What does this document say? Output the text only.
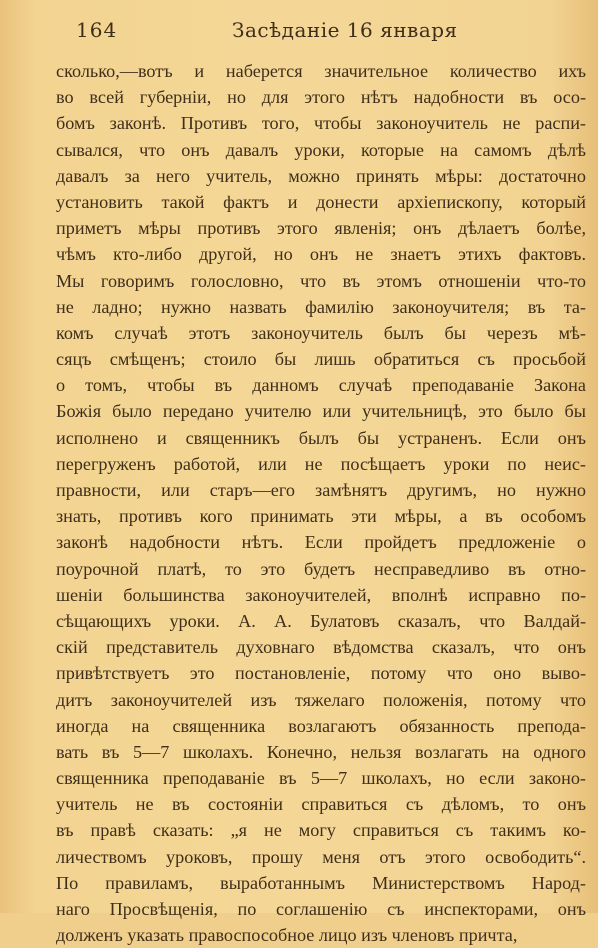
164	Засѣданіе 16 января
сколько,—вотъ и наберется значительное количество ихъ
во всей губерніи, но для этого нѣтъ надобности въ осо-
бомъ законѣ. Противъ того, чтобы законоучитель не распи-
сывался, что онъ давалъ уроки, которые на самомъ дѣлѣ
давалъ за него учитель, можно принять мѣры: достаточно
установить такой фактъ и донести архіепископу, который
приметъ мѣры противъ этого явленія; онъ дѣлаетъ болѣе,
чѣмъ кто-либо другой, но онъ не знаетъ этихъ фактовъ.
Мы говоримъ голословно, что въ этомъ отношеніи что-то
не ладно; нужно назвать фамилію законоучителя; въ та-
комъ случаѣ этотъ законоучитель былъ бы черезъ мѣ-
сяцъ смѣщенъ; стоило бы лишь обратиться съ просьбой
о томъ, чтобы въ данномъ случаѣ преподаваніе Закона
Божія было передано учителю или учительницѣ, это было бы
исполнено и священникъ былъ бы устраненъ. Если онъ
перегруженъ работой, или не посѣщаетъ уроки по неис-
правности, или старъ—его замѣнятъ другимъ, но нужно
знать, противъ кого принимать эти мѣры, а въ особомъ
законѣ надобности нѣтъ. Если пройдетъ предложеніе о
поурочной платѣ, то это будетъ несправедливо въ отно-
шеніи большинства законоучителей, вполнѣ исправно по-
сѣщающихъ уроки. А. А. Булатовъ сказалъ, что Валдай-
скій представитель духовнаго вѣдомства сказалъ, что онъ
привѣтствуетъ это постановленіе, потому что оно выво-
дитъ законоучителей изъ тяжелаго положенія, потому что
иногда на священника возлагаютъ обязанность препода-
вать въ 5—7 школахъ. Конечно, нельзя возлагать на одного
священника преподаваніе въ 5—7 школахъ, но если законо-
учитель не въ состояніи справиться съ дѣломъ, то онъ
въ правѣ сказать: „я не могу справиться съ такимъ ко-
личествомъ уроковъ, прошу меня отъ этого освободить“.
По правиламъ, выработаннымъ Министерствомъ Народ-
наго Просвѣщенія, по соглашенію съ инспекторами, онъ
долженъ указать правоспособное лицо изъ членовъ причта,
